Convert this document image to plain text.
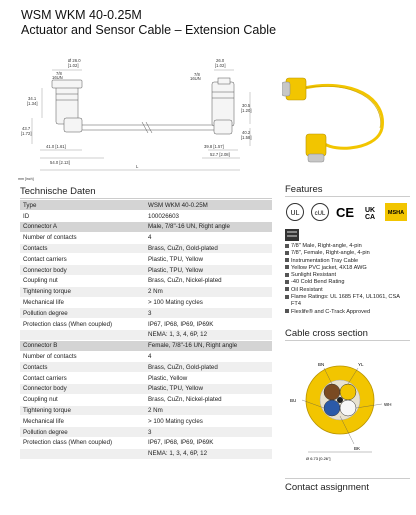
WSM WKM 40-0.25M
Actuator and Sensor Cable – Extension Cable
Ø 26.0
[1.02]
7/8
16UN
7/8
16UN
26.0
[1.02]
34.1
[1.34]	30.5
[1.20]
43.7
[1.72]	40.2
[1.58]
41.0 [1.61]	39.8 [1.57]
52.7 [2.08]
54.0 [2.13]
L
mm [inch]
Technische Daten
Type	WSM WKM 40-0.25M
ID	100026603
Connector A	Male, 7/8"-16 UN, Right angle
Number of contacts	4
Contacts	Brass, CuZn, Gold-plated
Contact carriers	Plastic, TPU, Yellow
Connector body	Plastic, TPU, Yellow
Coupling nut	Brass, CuZn, Nickel-plated
Tightening torque	2 Nm
Mechanical life	> 100 Mating cycles
Pollution degree	3
Protection class (When coupled)	IP67, IP68, IP69, IP69K
	NEMA: 1, 3, 4, 6P, 12
Connector B	Female, 7/8"-16 UN, Right angle
Number of contacts	4
Contacts	Brass, CuZn, Gold-plated
Contact carriers	Plastic, Yellow
Connector body	Plastic, TPU, Yellow
Coupling nut	Brass, CuZn, Nickel-plated
Tightening torque	2 Nm
Mechanical life	> 100 Mating cycles
Pollution degree	3
Protection class (When coupled)	IP67, IP68, IP69, IP69K
	NEMA: 1, 3, 4, 6P, 12
Features
UL	cUL CE UK
CA
MSHA
7/8" Male, Right-angle, 4-pin
7/8", Female, Right-angle, 4-pin
Instrumentation Tray Cable
Yellow PVC jacket, 4X18 AWG
Sunlight Resistant
-40 Cold Bend Rating
Oil Resistant
Flame Ratings: UL 1685 FT4, UL1061, CSA
FT4
Flexlife® and C-Track Approved
Cable cross section
BN	YL
BU
WH
BK
Ø 6.73 [0.26"]
Contact assignment
